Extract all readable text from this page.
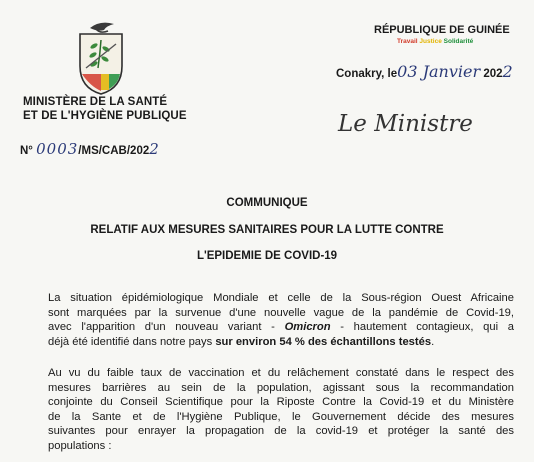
MINISTÈRE DE LA SANTÉ
ET DE L'HYGIÈNE PUBLIQUE
N° 0003/MS/CAB/2022
RÉPUBLIQUE DE GUINÉE
Travail Justice Solidarité
Conakry, le03 Janvier 2022
Le Ministre
COMMUNIQUE
RELATIF AUX MESURES SANITAIRES POUR LA LUTTE CONTRE
L'EPIDEMIE DE COVID-19
La situation épidémiologique Mondiale et celle de la Sous-région Ouest Africaine
sont marquées par la survenue d'une nouvelle vague de la pandémie de Covid-19,
avec l'apparition d'un nouveau variant - Omicron - hautement contagieux, qui a
déjà été identifié dans notre pays sur environ 54 % des échantillons testés.
Au vu du faible taux de vaccination et du relâchement constaté dans le respect des
mesures barrières au sein de la population, agissant sous la recommandation
conjointe du Conseil Scientifique pour la Riposte Contre la Covid-19 et du Ministère
de la Sante et de l'Hygiène Publique, le Gouvernement décide des mesures
suivantes pour enrayer la propagation de la covid-19 et protéger la santé des
populations :
